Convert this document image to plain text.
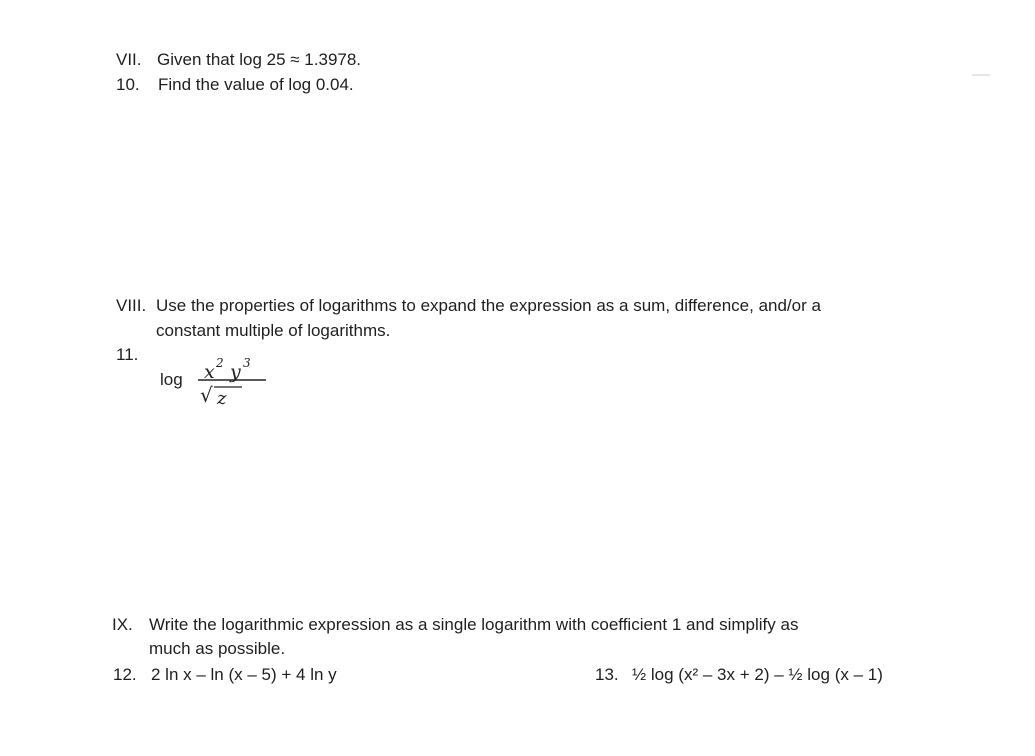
VII. Given that log 25 ≈ 1.3978.
10. Find the value of log 0.04.
VIII. Use the properties of logarithms to expand the expression as a sum, difference, and/or a
constant multiple of logarithms.
11.
log x 2 y 3
√ z
IX. Write the logarithmic expression as a single logarithm with coefficient 1 and simplify as
much as possible.
12. 2 ln x – ln (x – 5) + 4 ln y	13. ½ log (x² – 3x + 2) – ½ log (x – 1)
